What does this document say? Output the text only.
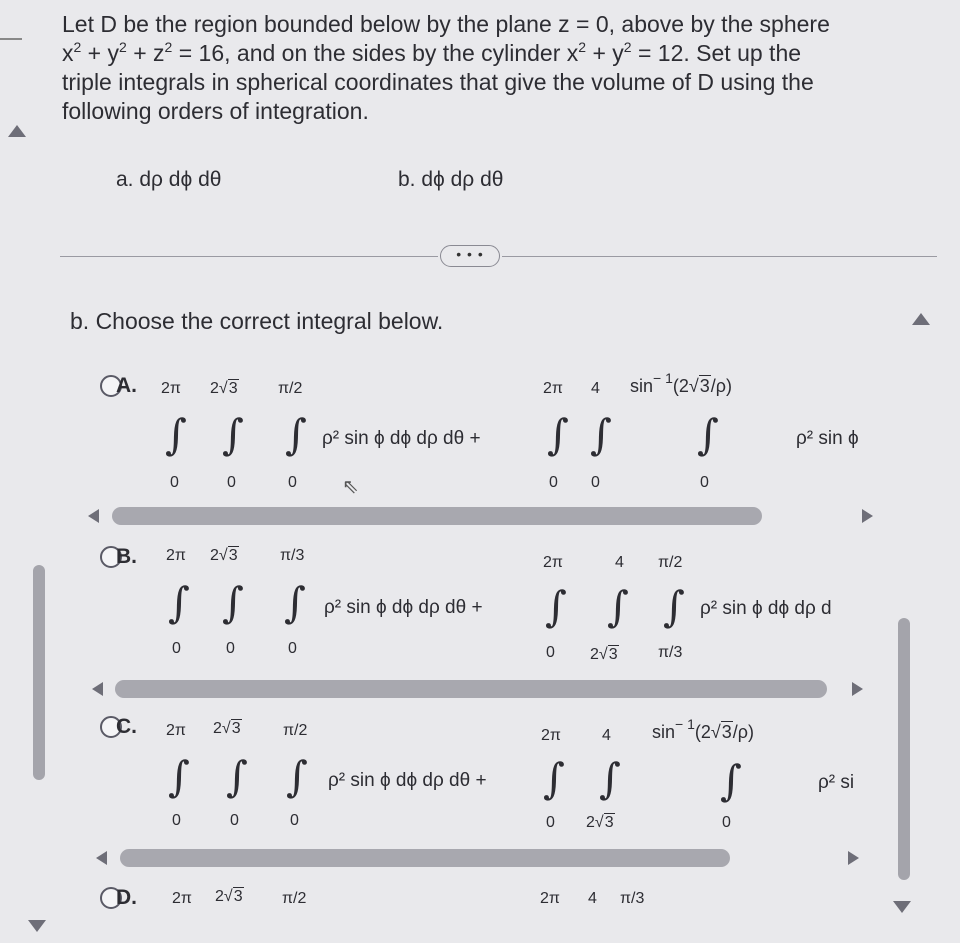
Let D be the region bounded below by the plane z = 0, above by the sphere
$x^2 + y^2 + z^2 = 16$, and on the sides by the cylinder $x^2 + y^2 = 12$. Set up the
triple integrals in spherical coordinates that give the volume of D using the
following orders of integration.
a. dρ dϕ dθ	b. dϕ dρ dθ
• • •
b. Choose the correct integral below.
A. 2π
∫
0
2√3
∫
0
π/2
∫
0
ρ² sin ϕ dϕ dρ dθ +
⇖
2π
∫
0
4
∫
0
$\sin^{- 1}(2√3/\rho)$
∫
0
ρ² sin ϕ
B. 2π
∫
0
2√3
∫
0
π/3
∫
0
ρ² sin ϕ dϕ dρ dθ +
2π
∫
0
4
∫
2√3
π/2
∫
π/3
ρ² sin ϕ dϕ dρ d
C. 2π
∫
0
2√3
∫
0
π/2
∫
0
ρ² sin ϕ dϕ dρ dθ +
2π
∫
0
4
∫
2√3
$\sin^{- 1}(2√3/\rho)$
∫
0
ρ² si
D. 2π 2√3 π/2	2π 4 π/3
